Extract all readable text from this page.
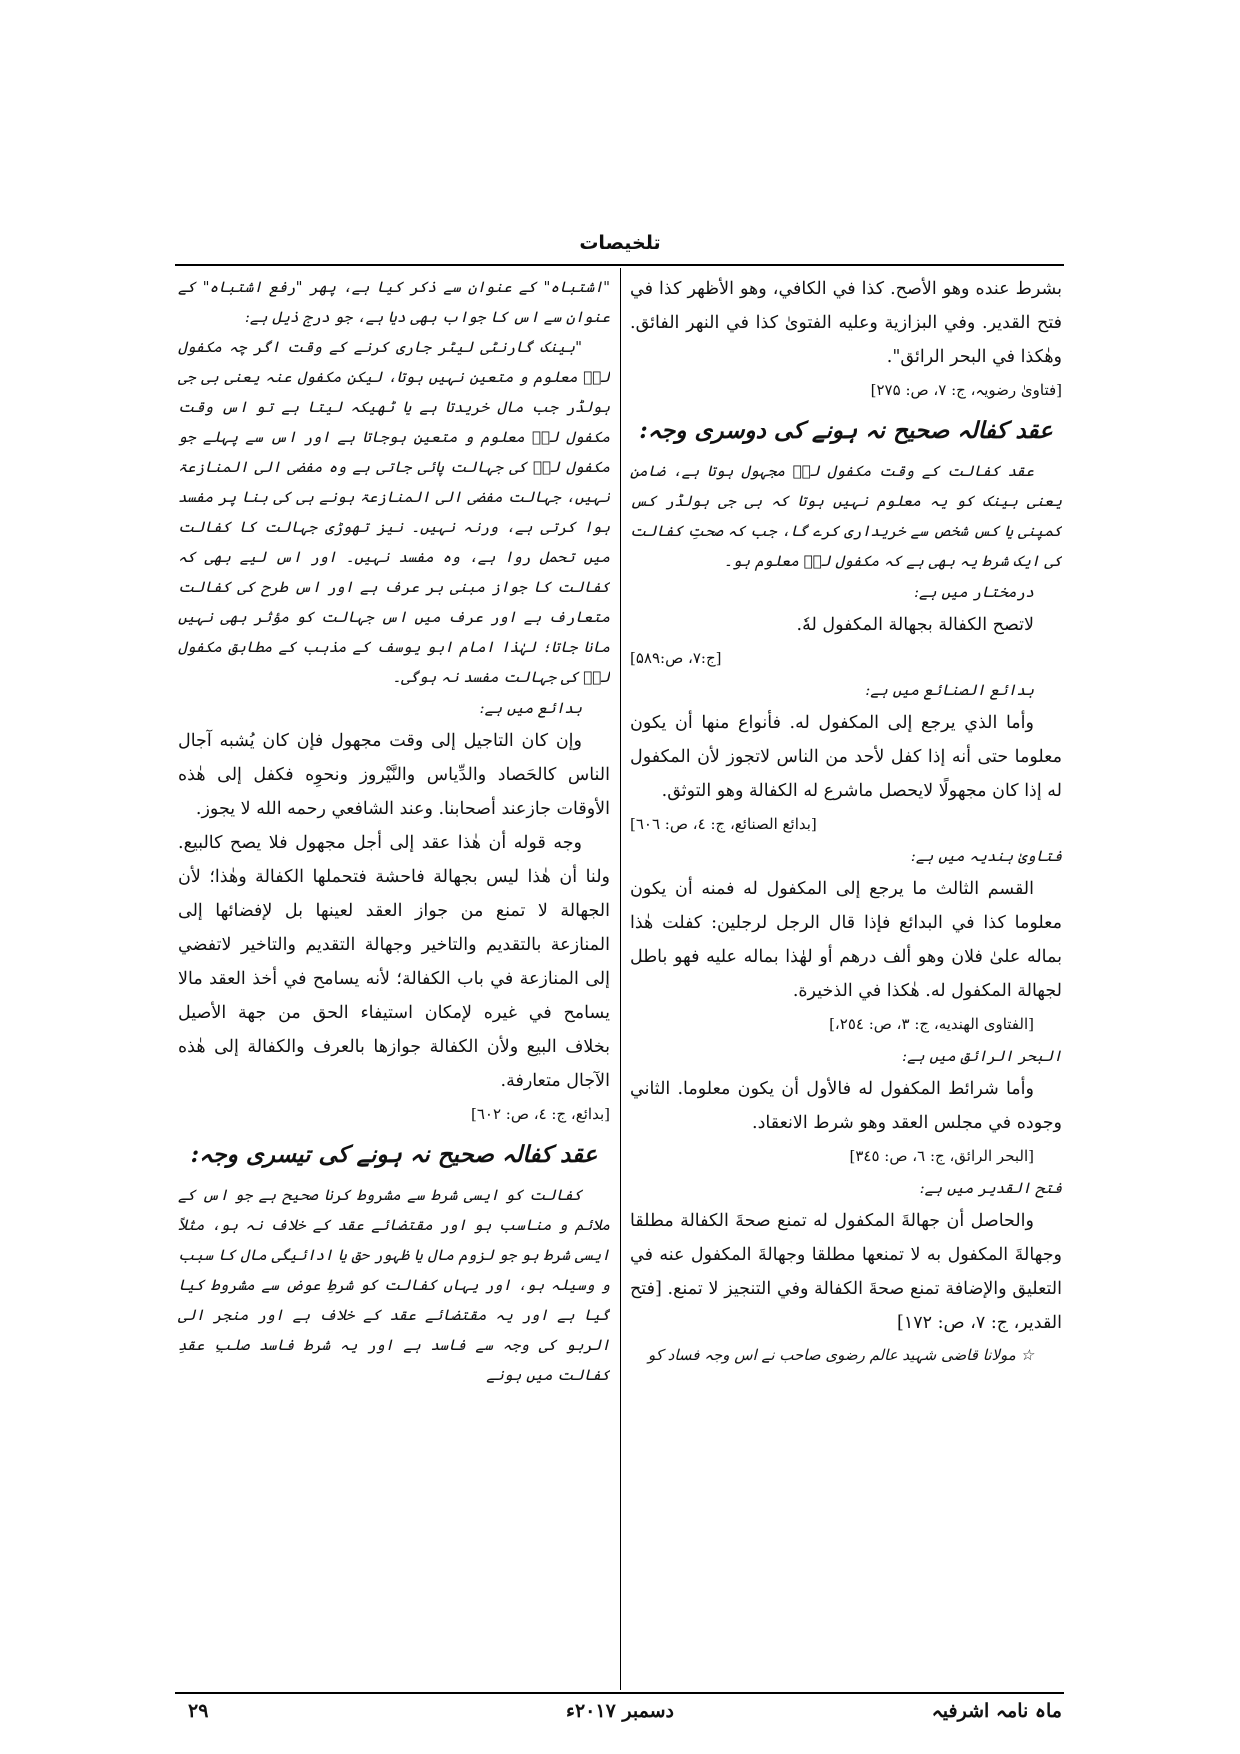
تلخیصات

بشرط عنده وهو الأصح. كذا في الكافي، وهو الأظهر كذا في فتح القدير. وفي البزازية وعليه الفتوىٰ كذا في النهر الفائق. وهٰكذا في البحر الرائق".

[فتاویٰ رضویہ، ج: ۷، ص: ۲۷۵]

عقد کفالہ صحیح نہ ہونے کی دوسری وجہ:

عقد کفالت کے وقت مکفول لہٗ مجہول ہوتا ہے، ضامن یعنی بینک کو یہ معلوم نہیں ہوتا کہ بی جی ہولڈر کس کمپنی یا کس شخص سے خریداری کرے گا، جب کہ صحتِ کفالت کی ایک شرط یہ بھی ہے کہ مکفول لہٗ معلوم ہو۔

درمختار میں ہے:

لاتصح الكفالة بجهالة المكفول لهٗ.

[ج:۷، ص:۵۸۹]

بدائع الصنائع میں ہے:

وأما الذي يرجع إلى المكفول له. فأنواع منها أن يكون معلوما حتى أنه إذا كفل لأحد من الناس لاتجوز لأن المكفول له إذا كان مجهولًا لايحصل ماشرع له الكفالة وهو التوثق.

[بدائع الصنائع، ج: ٤، ص: ٦٠٦]

فتاویٰ ہندیہ میں ہے:

القسم الثالث ما يرجع إلى المكفول له فمنه أن يكون معلوما كذا في البدائع فإذا قال الرجل لرجلين: كفلت هٰذا بماله علىٰ فلان وهو ألف درهم أو لهٰذا بماله عليه فهو باطل لجهالة المكفول له. هٰكذا في الذخيرة.

[الفتاوی الهندیه، ج: ٣، ص: ٢٥٤،]

البحر الرائق میں ہے:

وأما شرائط المكفول له فالأول أن يكون معلوما. الثاني وجوده في مجلس العقد وهو شرط الانعقاد.

[البحر الرائق، ج: ٦، ص: ٣٤٥]

فتح القدیر میں ہے:

والحاصل أن جهالةَ المكفول له تمنع صحةَ الكفالة مطلقا وجهالةَ المكفول به لا تمنعها مطلقا وجهالةَ المكفول عنه في التعليق والإضافة تمنع صحةَ الكفالة وفي التنجيز لا تمنع. [فتح القدير، ج: ٧، ص: ١٧٢]

☆ مولانا قاضی شہید عالم رضوی صاحب نے اس وجہ فساد کو

"اشتباہ" کے عنوان سے ذکر کیا ہے، پھر "رفع اشتباہ" کے عنوان سے اس کا جواب بھی دیا ہے، جو درج ذیل ہے:

"بینک گارنٹی لیٹر جاری کرنے کے وقت اگر چہ مکفول لہٗ معلوم و متعین نہیں ہوتا، لیکن مکفول عنہ یعنی بی جی ہولڈر جب مال خریدتا ہے یا ٹھیکہ لیتا ہے تو اس وقت مکفول لہٗ معلوم و متعین ہوجاتا ہے اور اس سے پہلے جو مکفول لہٗ کی جہالت پائی جاتی ہے وہ مفضی الی المنازعۃ نہیں، جہالت مفضی الی المنازعۃ ہونے ہی کی بنا پر مفسد ہوا کرتی ہے، ورنہ نہیں۔ نیز تھوڑی جہالت کا کفالت میں تحمل روا ہے، وہ مفسد نہیں۔ اور اس لیے بھی کہ کفالت کا جواز مبنی بر عرف ہے اور اس طرح کی کفالت متعارف ہے اور عرف میں اس جہالت کو مؤثر بھی نہیں مانا جاتا؛ لہٰذا امام ابو یوسف کے مذہب کے مطابق مکفول لہٗ کی جہالت مفسد نہ ہوگی۔

بدائع میں ہے:

وإن كان التاجيل إلى وقت مجهول فإن كان يُشبه آجال الناس كالحَصاد والدِّياس والنَّيْروز ونحوِه فكفل إلى هٰذه الأوقات جازعند أصحابنا. وعند الشافعي رحمه الله لا يجوز.

وجه قوله أن هٰذا عقد إلى أجل مجهول فلا يصح كالبيع. ولنا أن هٰذا ليس بجهالة فاحشة فتحملها الكفالة وهٰذا؛ لأن الجهالة لا تمنع من جواز العقد لعينها بل لإفضائها إلى المنازعة بالتقديم والتاخير وجهالة التقديم والتاخير لاتفضي إلى المنازعة في باب الكفالة؛ لأنه يسامح في أخذ العقد مالا يسامح في غيره لإمكان استيفاء الحق من جهة الأصيل بخلاف البيع ولأن الكفالة جوازها بالعرف والكفالة إلى هٰذه الآجال متعارفة.

[بدائع، ج: ٤، ص: ٦٠٢]

عقد کفالہ صحیح نہ ہونے کی تیسری وجہ:

کفالت کو ایسی شرط سے مشروط کرنا صحیح ہے جو اس کے ملائم و مناسب ہو اور مقتضائے عقد کے خلاف نہ ہو، مثلاً ایسی شرط ہو جو لزوم مال یا ظہور حق یا ادائیگی مال کا سبب و وسیلہ ہو، اور یہاں کفالت کو شرطِ عوض سے مشروط کیا گیا ہے اور یہ مقتضائے عقد کے خلاف ہے اور منجر الی الربو کی وجہ سے فاسد ہے اور یہ شرط فاسد صلبِ عقدِ کفالت میں ہونے

ماہ نامہ اشرفیہ
دسمبر ۲۰۱۷ء
۲۹
